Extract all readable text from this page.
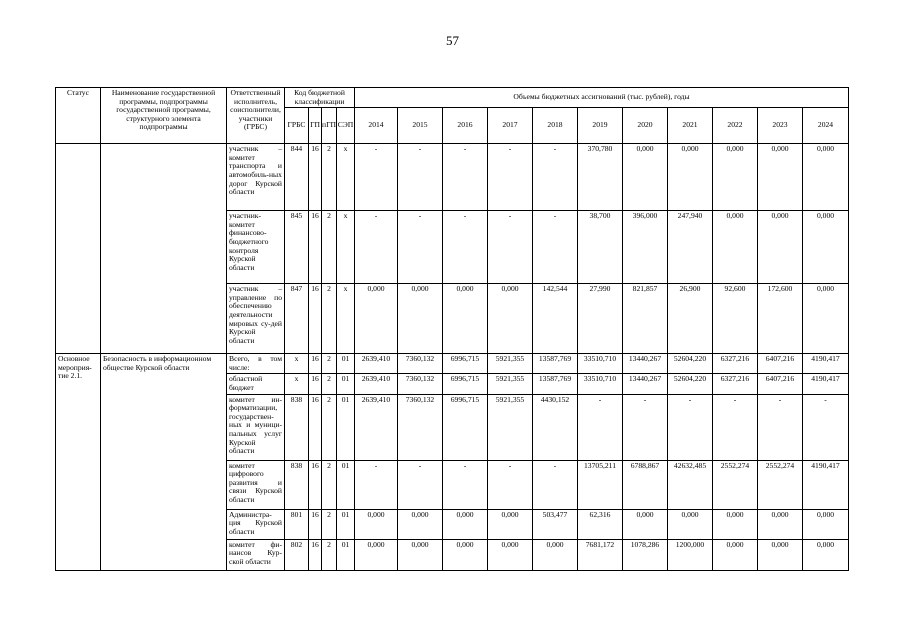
57
Статус	Наименование государственной программы, подпрограммы государственной программы, структурного элемента подпрограммы	Ответственный исполнитель, соисполнители, участники (ГРБС)	Код бюджетной классификации				Объемы бюджетных ассигнований (тыс. рублей), годы										
			ГРБС	ГП	пГП	СЭП	2014	2015	2016	2017	2018	2019	2020	2021	2022	2023	2024
		участник – комитет транспорта и автомобиль-ных дорог Курской области	844	16	2	х	-	-	-	-	-	370,780	0,000	0,000	0,000	0,000	0,000
		участник-комитет финансово-бюджетного контроля Курской области	845	16	2	х	-	-	-	-	-	38,700	396,000	247,940	0,000	0,000	0,000
		участник – управление по обеспечению деятельности мировых су-дей Курской области	847	16	2	х	0,000	0,000	0,000	0,000	142,544	27,990	821,857	26,900	92,600	172,600	0,000
Основное мероприя-тие 2.1.	Безопасность в информационном обществе Курской области	Всего, в том числе:	х	16	2	01	2639,410	7360,132	6996,715	5921,355	13587,769	33510,710	13440,267	52604,220	6327,216	6407,216	4190,417
		областной бюджет	х	16	2	01	2639,410	7360,132	6996,715	5921,355	13587,769	33510,710	13440,267	52604,220	6327,216	6407,216	4190,417
		комитет ин-форматизации, государствен-ных и муници-пальных услуг Курской области	838	16	2	01	2639,410	7360,132	6996,715	5921,355	4430,152	-	-	-	-	-	-
		комитет цифрового развития и связи Курской области	838	16	2	01	-	-	-	-	-	13705,211	6788,867	42632,485	2552,274	2552,274	4190,417
		Администра-ция Курской области	801	16	2	01	0,000	0,000	0,000	0,000	503,477	62,316	0,000	0,000	0,000	0,000	0,000
		комитет фи-нансов Кур-ской области	802	16	2	01	0,000	0,000	0,000	0,000	0,000	7681,172	1078,286	1200,000	0,000	0,000	0,000
